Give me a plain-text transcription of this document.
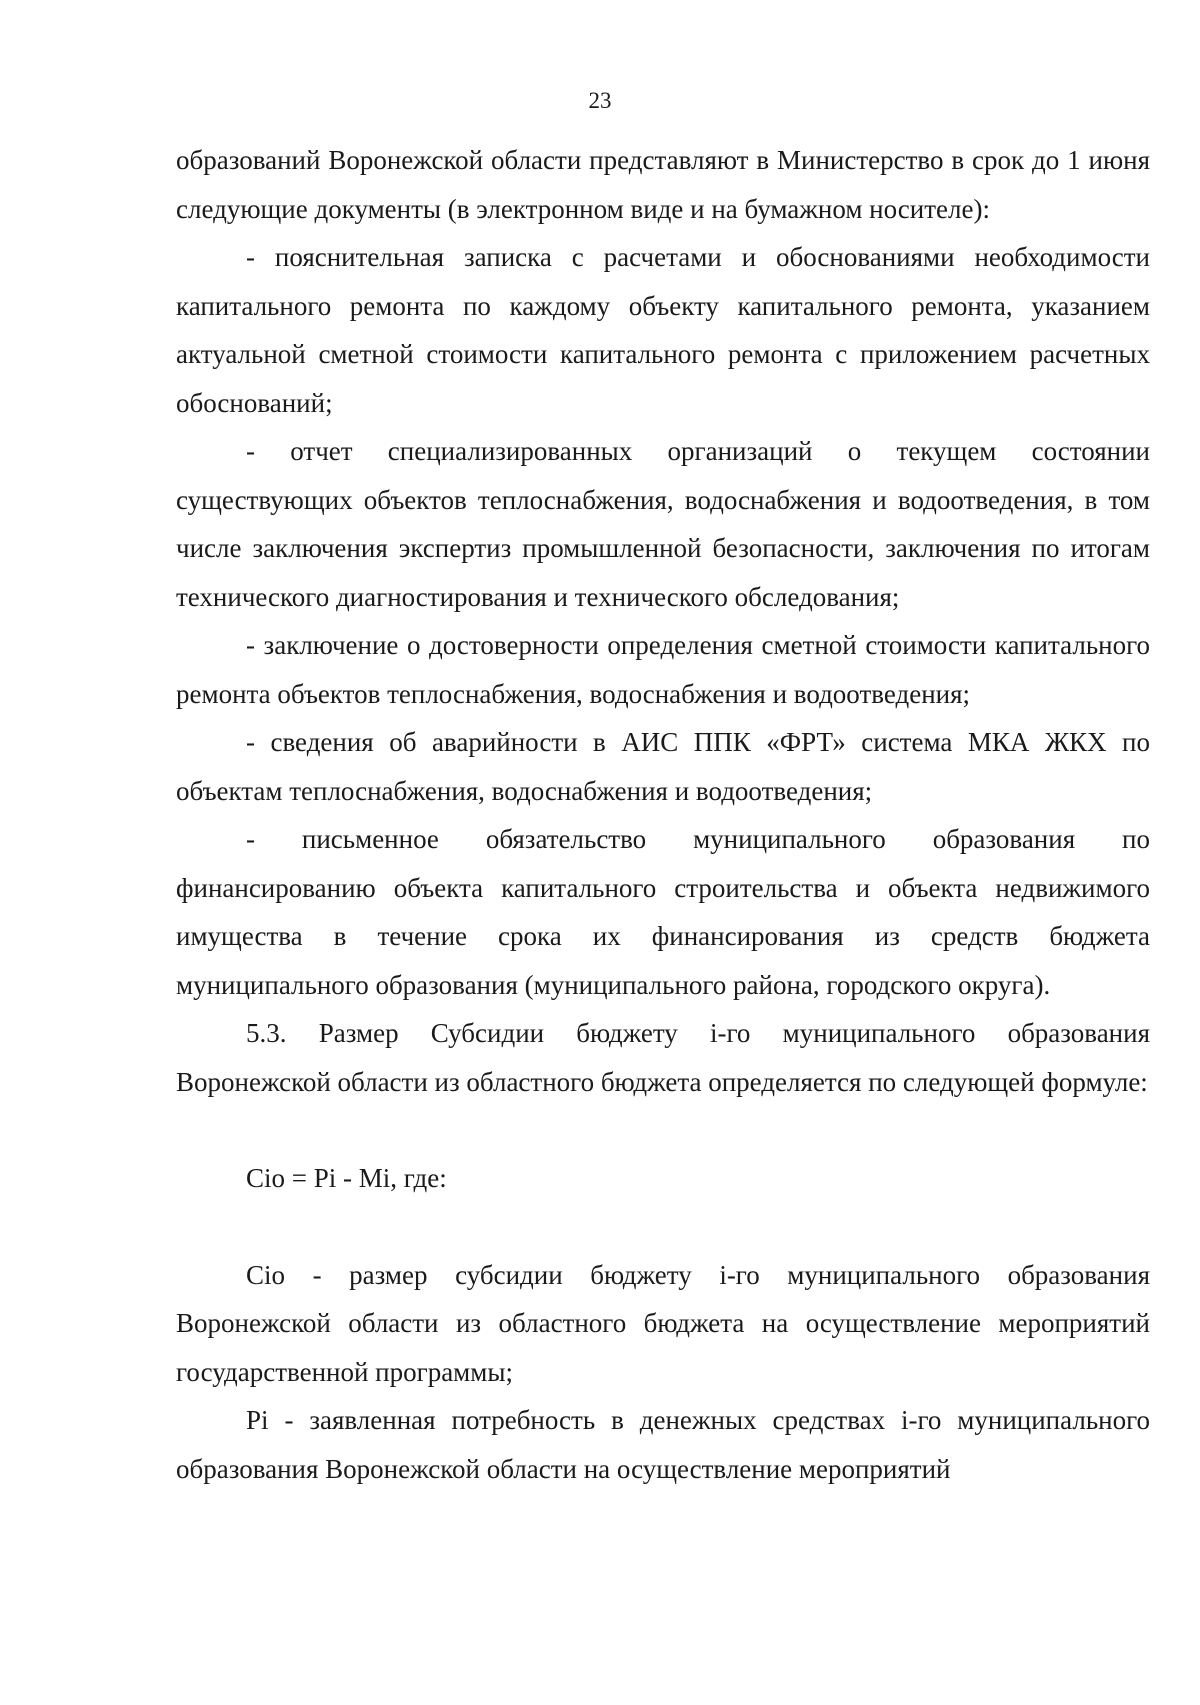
23

образований Воронежской области представляют в Министерство в срок до 1 июня следующие документы (в электронном виде и на бумажном носителе):

- пояснительная записка с расчетами и обоснованиями необходимости капитального ремонта по каждому объекту капитального ремонта, указанием актуальной сметной стоимости капитального ремонта с приложением расчетных обоснований;

- отчет специализированных организаций о текущем состоянии существующих объектов теплоснабжения, водоснабжения и водоотведения, в том числе заключения экспертиз промышленной безопасности, заключения по итогам технического диагностирования и технического обследования;

- заключение о достоверности определения сметной стоимости капитального ремонта объектов теплоснабжения, водоснабжения и водоотведения;

- сведения об аварийности в АИС ППК «ФРТ» система МКА ЖКХ по объектам теплоснабжения, водоснабжения и водоотведения;

- письменное обязательство муниципального образования по финансированию объекта капитального строительства и объекта недвижимого имущества в течение срока их финансирования из средств бюджета муниципального образования (муниципального района, городского округа).

5.3. Размер Субсидии бюджету i-го муниципального образования Воронежской области из областного бюджета определяется по следующей формуле:

Сio = Pi - Mi, где:

Сio - размер субсидии бюджету i-го муниципального образования Воронежской области из областного бюджета на осуществление мероприятий государственной программы;

Pi - заявленная потребность в денежных средствах i-го муниципального образования Воронежской области на осуществление мероприятий
